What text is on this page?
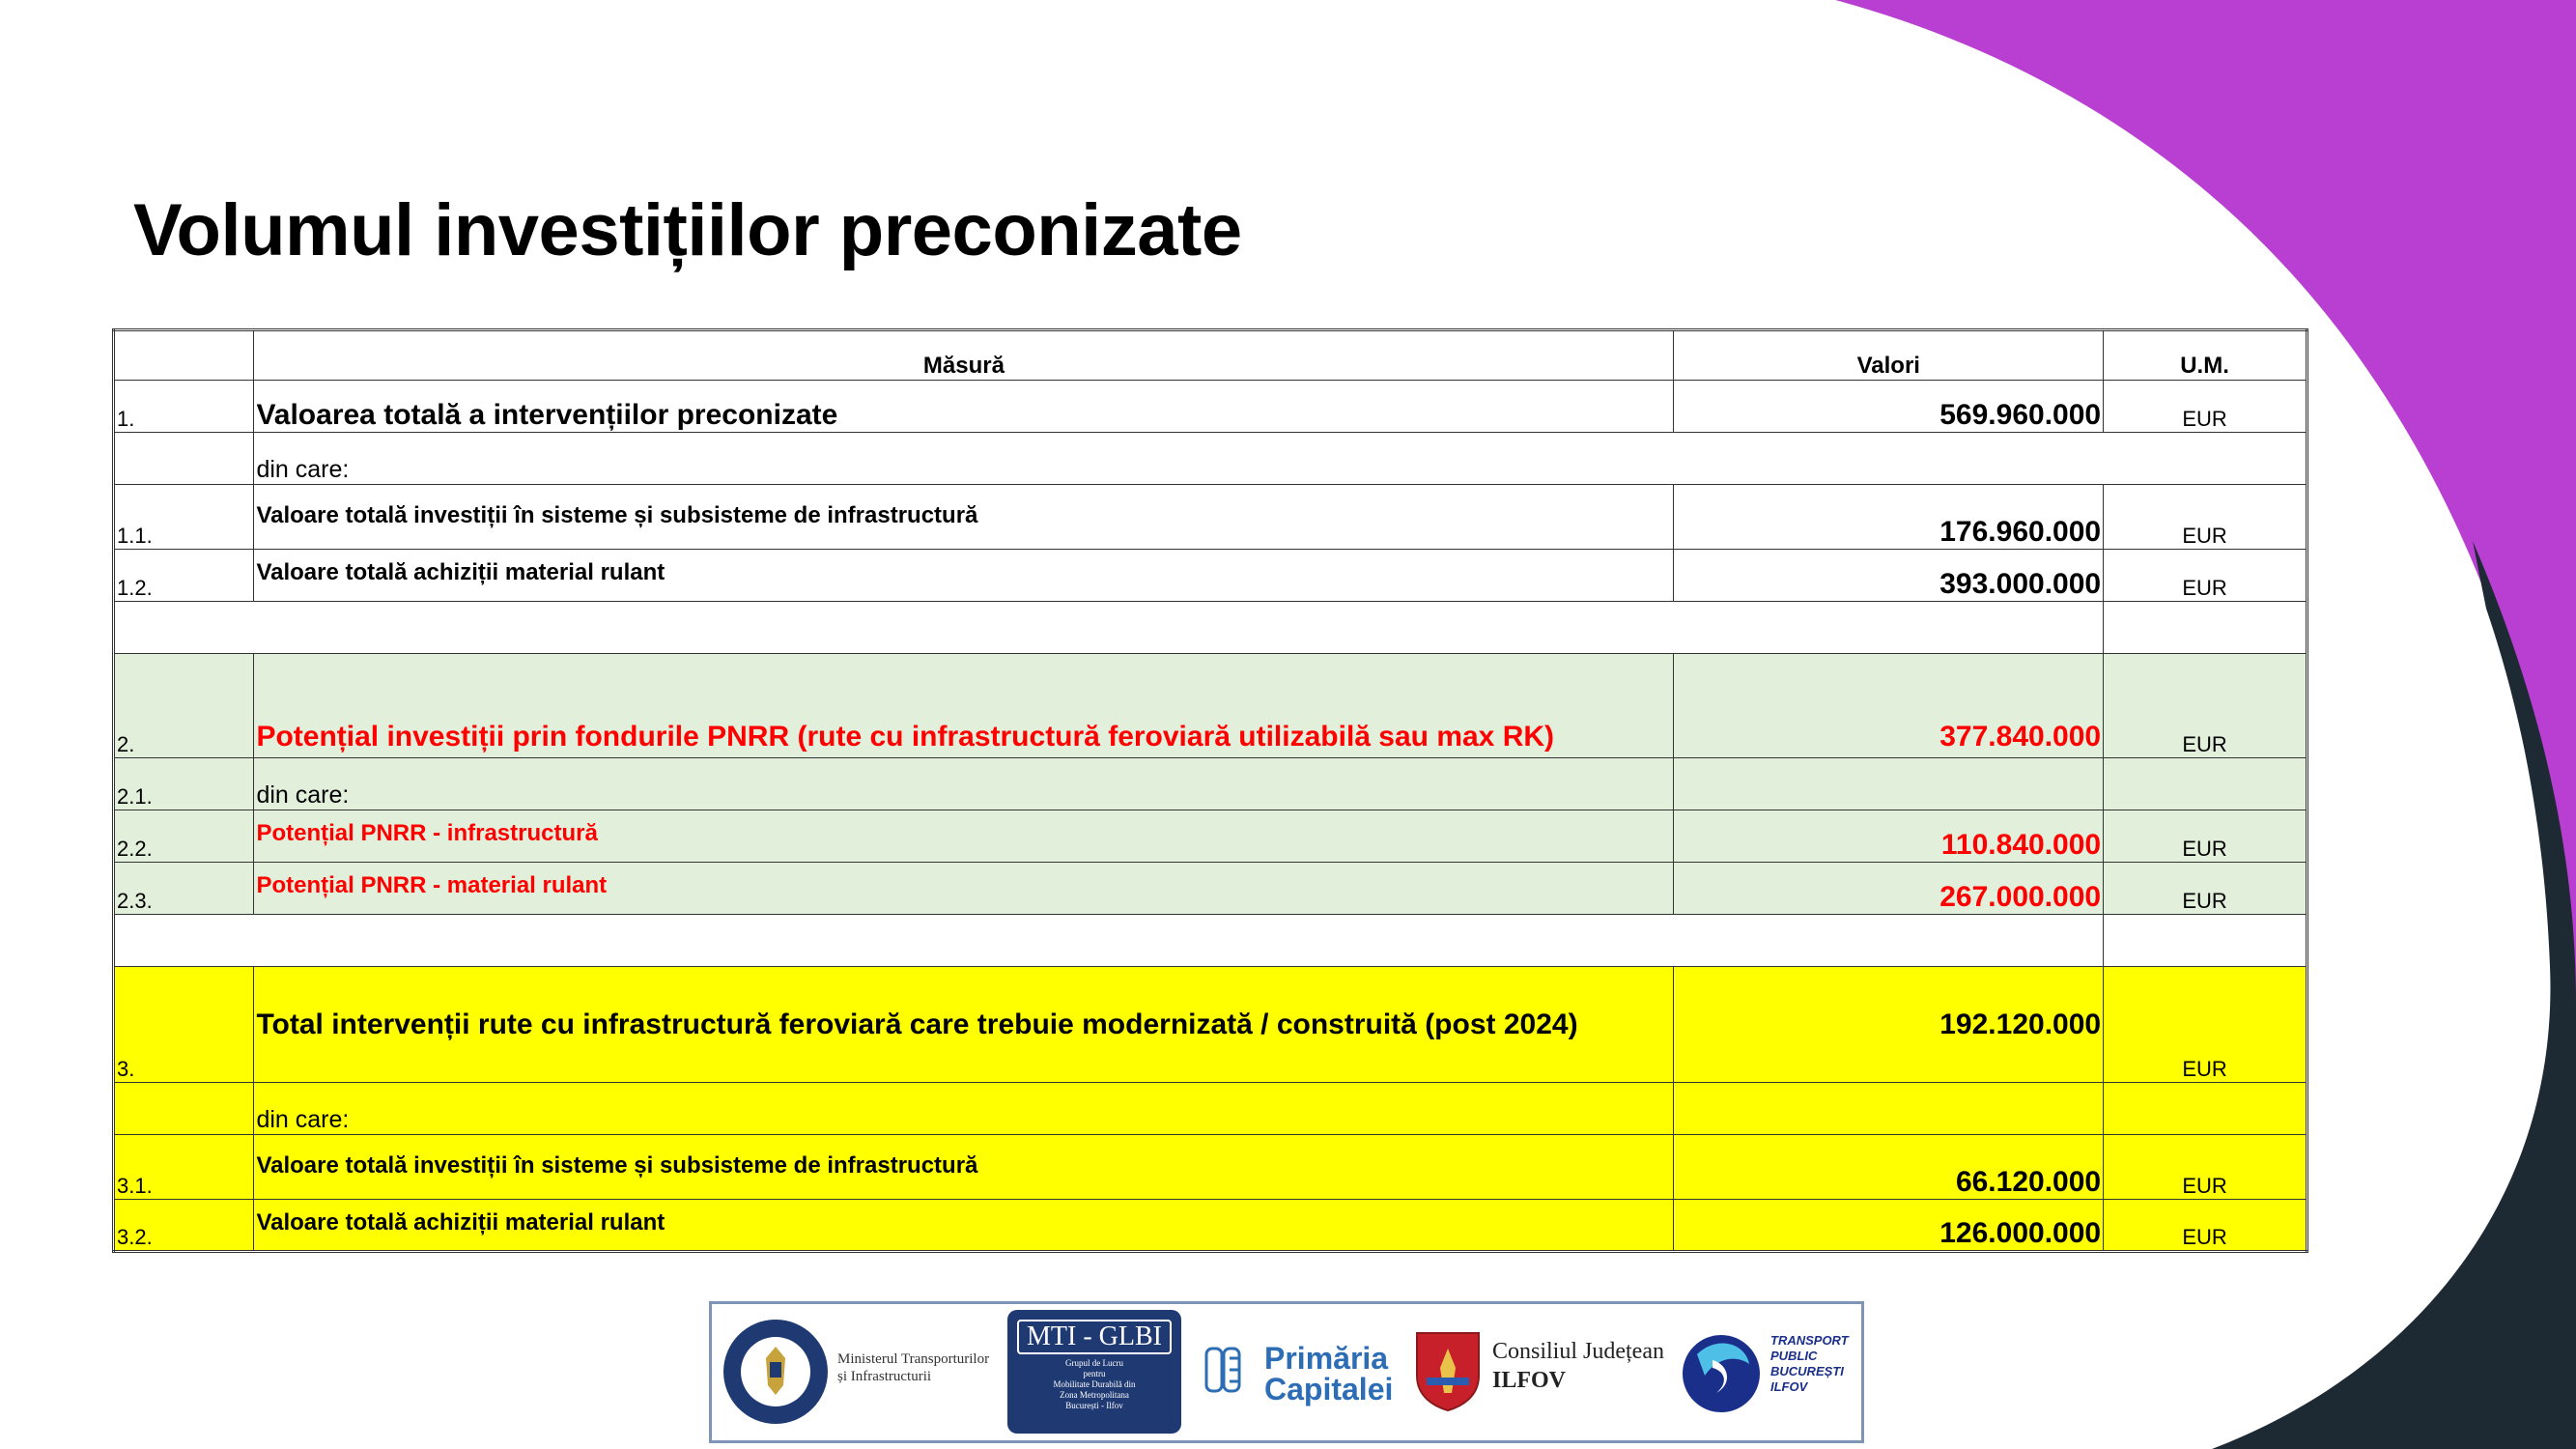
Volumul investițiilor preconizate
	Măsură	Valori	U.M.
1.	Valoarea totală a intervențiilor preconizate	569.960.000	EUR
	din care:		
1.1.	Valoare totală investiții în sisteme și subsisteme de infrastructură	176.960.000	EUR
1.2.	Valoare totală achiziții material rulant	393.000.000	EUR

2.	Potențial investiții prin fondurile PNRR (rute cu infrastructură feroviară utilizabilă sau max RK)	377.840.000	EUR
2.1.	din care:		
2.2.	Potențial PNRR - infrastructură	110.840.000	EUR
2.3.	Potențial PNRR - material rulant	267.000.000	EUR

3.	Total intervenții rute cu infrastructură feroviară care trebuie modernizată / construită (post 2024)	192.120.000	EUR
	din care:		
3.1.	Valoare totală investiții în sisteme și subsisteme de infrastructură	66.120.000	EUR
3.2.	Valoare totală achiziții material rulant	126.000.000	EUR
Ministerul Transporturilor
și Infrastructurii
MTI - GLBI
Grupul de Lucru
pentru
Mobilitate Durabilă din
Zona Metropolitana
București - Ilfov
Primăria
Capitalei
Consiliul Județean
ILFOV
TRANSPORT
PUBLIC
BUCUREȘTI
ILFOV
